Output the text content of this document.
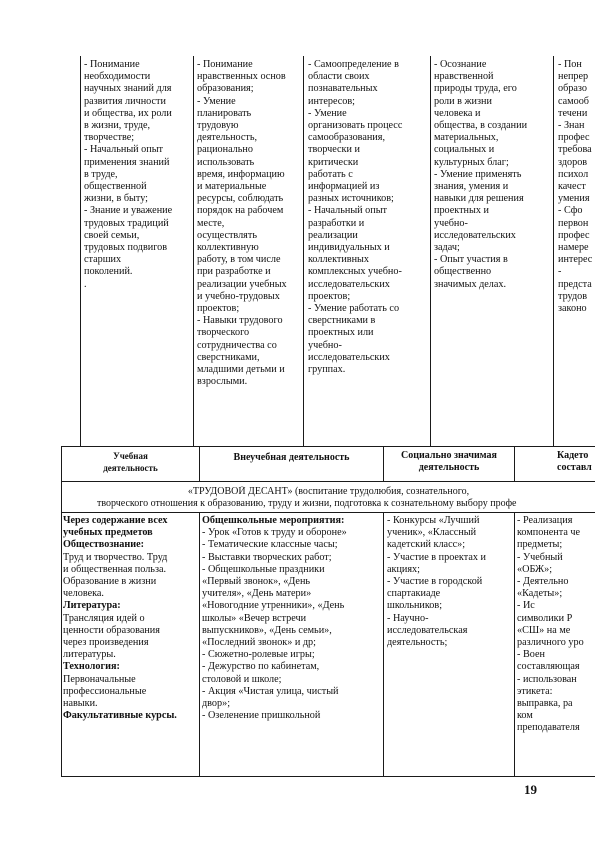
- Понимание

необходимости

научных знаний для

развития личности

и общества, их роли

в жизни, труде,

творчестве;

- Начальный опыт

применения знаний

в труде,

общественной

жизни, в быту;

- Знание и уважение

трудовых традиций

своей семьи,

трудовых подвигов

старших

поколений.

.

- Понимание

нравственных основ

образования;

- Умение

планировать

трудовую

деятельность,

рационально

использовать

время, информацию

и материальные

ресурсы, соблюдать

порядок на рабочем

месте,

осуществлять

коллективную

работу, в том числе

при разработке и

реализации учебных

и учебно-трудовых

проектов;

- Навыки трудового

творческого

сотрудничества со

сверстниками,

младшими детьми и

взрослыми.

- Самоопределение в

области своих

познавательных

интересов;

- Умение

организовать процесс

самообразования,

творчески и

критически

работать с

информацией из

разных источников;

- Начальный опыт

разработки и

реализации

индивидуальных и

коллективных

комплексных учебно-

исследовательских

проектов;

- Умение работать со

сверстниками в

проектных или

учебно-

исследовательских

группах.

- Осознание

нравственной

природы труда, его

роли в жизни

человека и

общества, в создании

материальных,

социальных и

культурных благ;

- Умение применять

знания, умения и

навыки для решения

проектных и

учебно-

исследовательских

задач;

- Опыт участия в

общественно

значимых делах.

- Пон

непрер

образо

самооб

течени

- Знан

профес

требова

здоров

психол

качест

умения

- Сфо

первон

профес

намере

интерес

-

предста

трудов

законо

Учебная
деятельность
Внеучебная деятельность	Социально значимая
деятельность
Кадето
составл
«ТРУДОВОЙ ДЕСАНТ» (воспитание трудолюбия, сознательного,
творческого отношения к образованию, труду и жизни, подготовка к сознательному выбору профе

Через содержание всех

учебных предметов

Обществознание:

Труд и творчество. Труд

и общественная польза.

Образование в жизни

человека.

Литература:

Трансляция идей о

ценности образования

через произведения

литературы.

Технология:

Первоначальные

профессиональные

навыки.

Факультативные курсы.

Общешкольные мероприятия:

- Урок «Готов к труду и обороне»

- Тематические классные часы;

- Выставки творческих работ;

- Общешкольные праздники

«Первый звонок», «День

учителя», «День матери»

«Новогодние утренники», «День

школы» «Вечер встречи

выпускников», «День семьи»,

«Последний звонок» и др;

- Сюжетно-ролевые игры;

- Дежурство по кабинетам,

столовой и школе;

- Акция «Чистая улица, чистый

двор»;

- Озеленение пришкольной

- Конкурсы «Лучший

ученик», «Классный

кадетский класс»;

- Участие в проектах и

акциях;

- Участие в городской

спартакиаде

школьников;

- Научно-

исследовательская

деятельность;

- Реализация

компонента че

предметы;

- Учебный

«ОБЖ»;

- Деятельно

«Кадеты»;

- Ис

символики Р

«СШ» на ме

различного уро

- Воен

составляющая

- использован

этикета:

выправка, ра

ком

преподавателя

19
